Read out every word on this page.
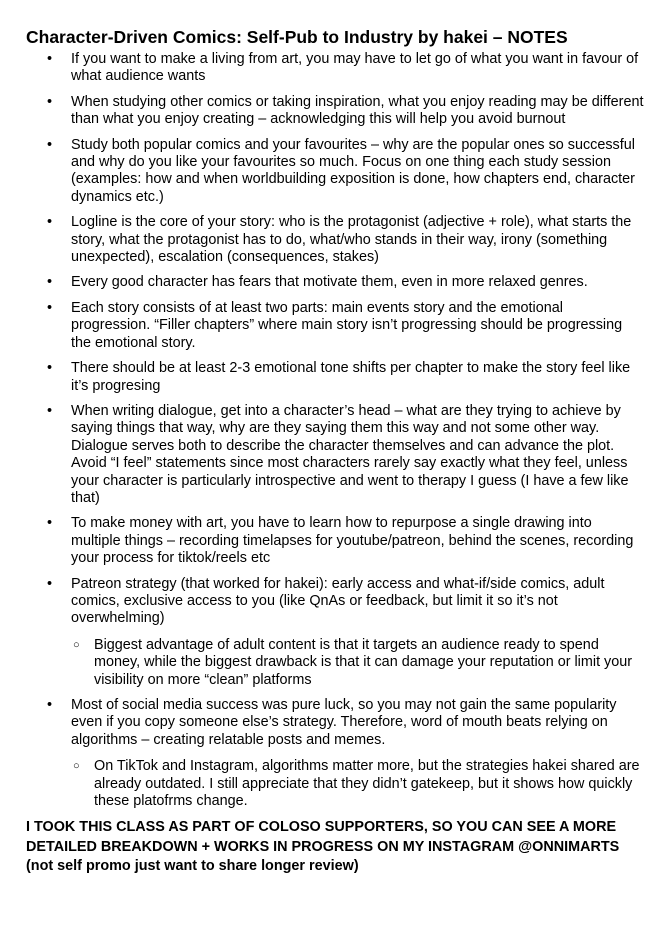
Character-Driven Comics: Self-Pub to Industry by hakei – NOTES
• If you want to make a living from art, you may have to let go of what you want in favour of what audience wants
• When studying other comics or taking inspiration, what you enjoy reading may be different than what you enjoy creating – acknowledging this will help you avoid burnout
• Study both popular comics and your favourites – why are the popular ones so successful and why do you like your favourites so much. Focus on one thing each study session (examples: how and when worldbuilding exposition is done, how chapters end, character dynamics etc.)
• Logline is the core of your story: who is the protagonist (adjective + role), what starts the story, what the protagonist has to do, what/who stands in their way, irony (something unexpected), escalation (consequences, stakes)
• Every good character has fears that motivate them, even in more relaxed genres.
• Each story consists of at least two parts: main events story and the emotional progression. “Filler chapters” where main story isn’t progressing should be progressing the emotional story.
• There should be at least 2-3 emotional tone shifts per chapter to make the story feel like it’s progresing
• When writing dialogue, get into a character’s head – what are they trying to achieve by saying things that way, why are they saying them this way and not some other way. Dialogue serves both to describe the character themselves and can advance the plot. Avoid “I feel” statements since most characters rarely say exactly what they feel, unless your character is particularly introspective and went to therapy I guess (I have a few like that)
• To make money with art, you have to learn how to repurpose a single drawing into multiple things – recording timelapses for youtube/patreon, behind the scenes, recording your process for tiktok/reels etc
• Patreon strategy (that worked for hakei): early access and what-if/side comics, adult comics, exclusive access to you (like QnAs or feedback, but limit it so it’s not overwhelming)
○ Biggest advantage of adult content is that it targets an audience ready to spend money, while the biggest drawback is that it can damage your reputation or limit your visibility on more “clean” platforms
• Most of social media success was pure luck, so you may not gain the same popularity even if you copy someone else’s strategy. Therefore, word of mouth beats relying on algorithms – creating relatable posts and memes.
○ On TikTok and Instagram, algorithms matter more, but the strategies hakei shared are already outdated. I still appreciate that they didn’t gatekeep, but it shows how quickly these platofrms change.
I TOOK THIS CLASS AS PART OF COLOSO SUPPORTERS, SO YOU CAN SEE A MORE DETAILED BREAKDOWN + WORKS IN PROGRESS ON MY INSTAGRAM @ONNIMARTS (not self promo just want to share longer review)
